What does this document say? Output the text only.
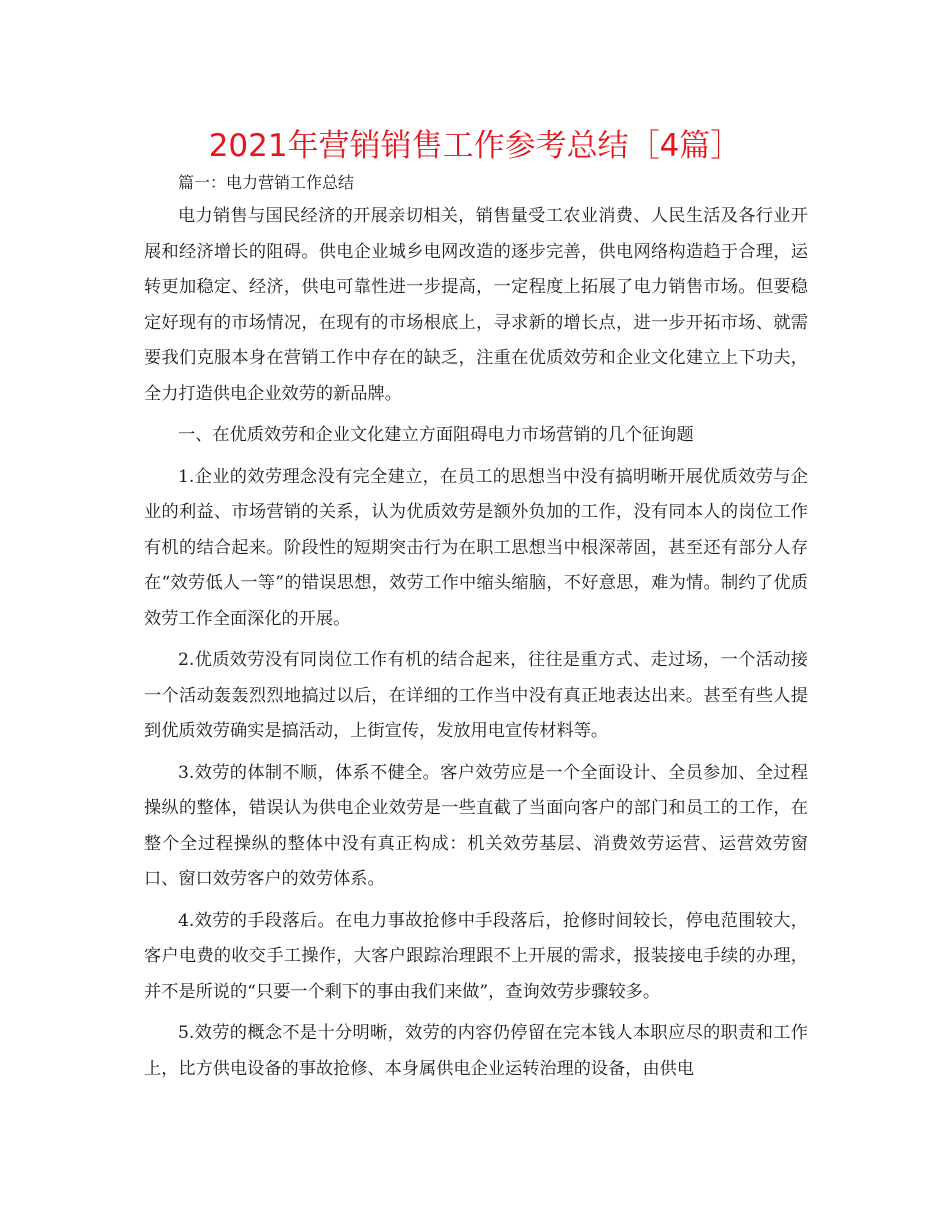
2021年营销销售工作参考总结［4篇］

篇一：电力营销工作总结

电力销售与国民经济的开展亲切相关，销售量受工农业消费、人民生活及各行业开展和经济增长的阻碍。供电企业城乡电网改造的逐步完善，供电网络构造趋于合理，运转更加稳定、经济，供电可靠性进一步提高，一定程度上拓展了电力销售市场。但要稳定好现有的市场情况，在现有的市场根底上，寻求新的增长点，进一步开拓市场、就需要我们克服本身在营销工作中存在的缺乏，注重在优质效劳和企业文化建立上下功夫，全力打造供电企业效劳的新品牌。

一、在优质效劳和企业文化建立方面阻碍电力市场营销的几个征询题

1.企业的效劳理念没有完全建立，在员工的思想当中没有搞明晰开展优质效劳与企业的利益、市场营销的关系，认为优质效劳是额外负加的工作，没有同本人的岗位工作有机的结合起来。阶段性的短期突击行为在职工思想当中根深蒂固，甚至还有部分人存在“效劳低人一等”的错误思想，效劳工作中缩头缩脑，不好意思，难为情。制约了优质效劳工作全面深化的开展。

2.优质效劳没有同岗位工作有机的结合起来，往往是重方式、走过场，一个活动接一个活动轰轰烈烈地搞过以后，在详细的工作当中没有真正地表达出来。甚至有些人提到优质效劳确实是搞活动，上街宣传，发放用电宣传材料等。

3.效劳的体制不顺，体系不健全。客户效劳应是一个全面设计、全员参加、全过程操纵的整体，错误认为供电企业效劳是一些直截了当面向客户的部门和员工的工作，在整个全过程操纵的整体中没有真正构成：机关效劳基层、消费效劳运营、运营效劳窗口、窗口效劳客户的效劳体系。

4.效劳的手段落后。在电力事故抢修中手段落后，抢修时间较长，停电范围较大，客户电费的收交手工操作，大客户跟踪治理跟不上开展的需求，报装接电手续的办理，并不是所说的“只要一个剩下的事由我们来做”，查询效劳步骤较多。

5.效劳的概念不是十分明晰，效劳的内容仍停留在完本钱人本职应尽的职责和工作上，比方供电设备的事故抢修、本身属供电企业运转治理的设备，由供电
